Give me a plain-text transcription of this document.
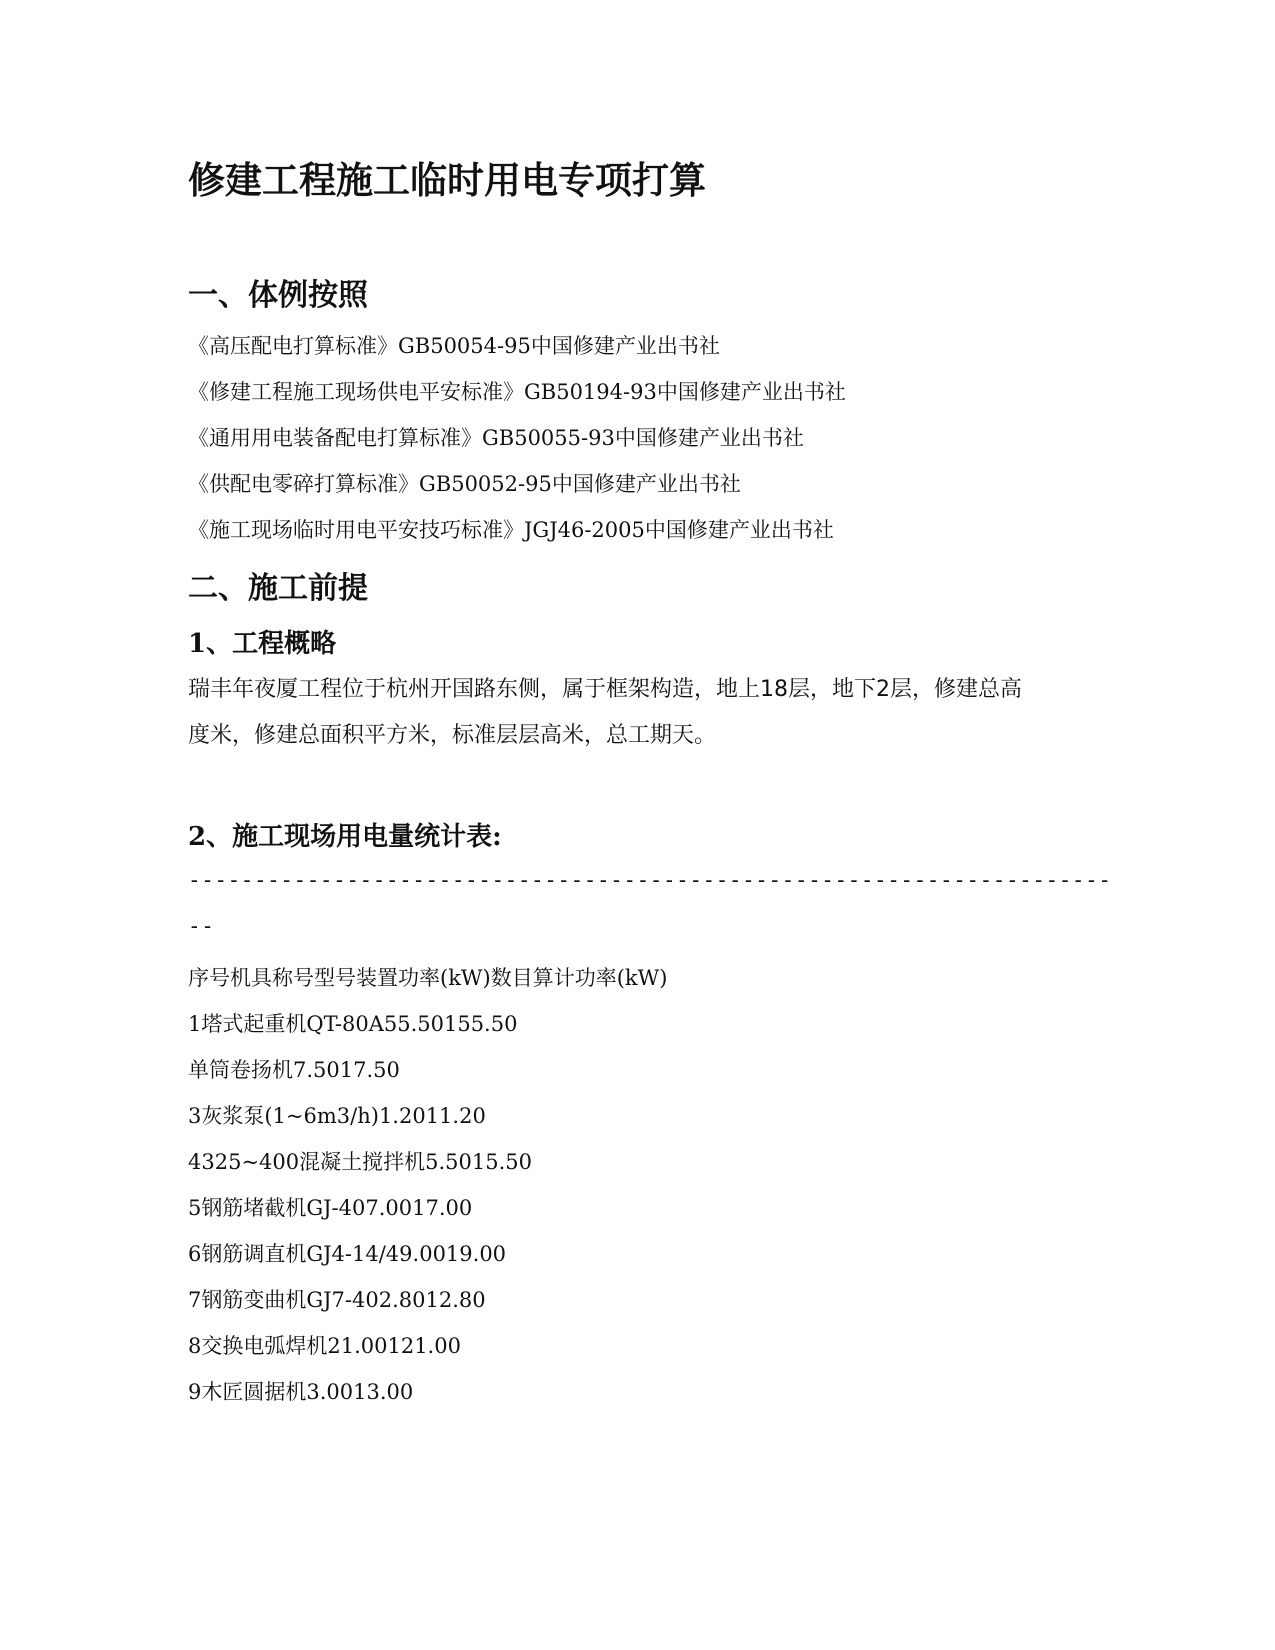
修建工程施工临时用电专项打算
一、体例按照

《高压配电打算标准》GB50054-95中国修建产业出书社

《修建工程施工现场供电平安标准》GB50194-93中国修建产业出书社

《通用用电装备配电打算标准》GB50055-93中国修建产业出书社

《供配电零碎打算标准》GB50052-95中国修建产业出书社

《施工现场临时用电平安技巧标准》JGJ46-2005中国修建产业出书社

二、施工前提
1、工程概略

瑞丰年夜厦工程位于杭州开国路东侧，属于框架构造，地上18层，地下2层，修建总高度米，修建总面积平方米，标准层层高米，总工期天。

2、施工现场用电量统计表:

----------------------------------------------------------------------

--

序号机具称号型号装置功率(kW)数目算计功率(kW)

1塔式起重机QT-80A55.50155.50

单筒卷扬机7.5017.50

3灰浆泵(1~6m3/h)1.2011.20

4325~400混凝土搅拌机5.5015.50

5钢筋堵截机GJ-407.0017.00

6钢筋调直机GJ4-14/49.0019.00

7钢筋变曲机GJ7-402.8012.80

8交换电弧焊机21.00121.00

9木匠圆据机3.0013.00
